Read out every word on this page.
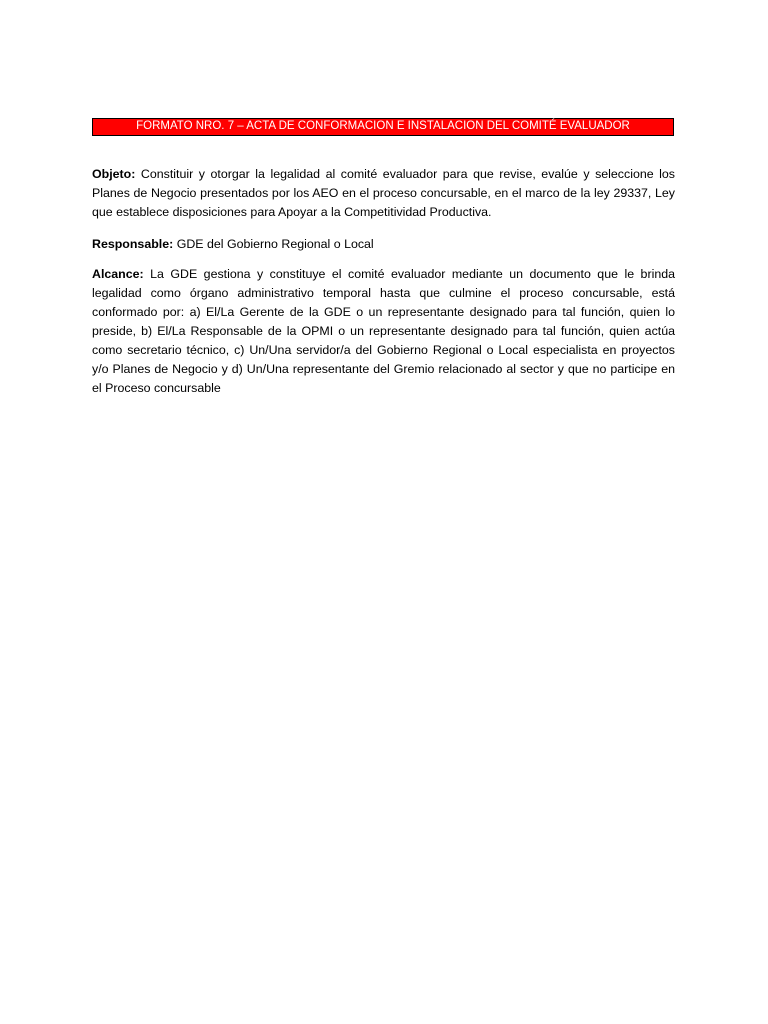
FORMATO NRO. 7 – ACTA DE CONFORMACION E INSTALACION DEL COMITÉ EVALUADOR

Objeto: Constituir y otorgar la legalidad al comité evaluador para que revise, evalúe y seleccione los Planes de Negocio presentados por los AEO en el proceso concursable, en el marco de la ley 29337, Ley que establece disposiciones para Apoyar a la Competitividad Productiva.

Responsable: GDE del Gobierno Regional o Local

Alcance: La GDE gestiona y constituye el comité evaluador mediante un documento que le brinda legalidad como órgano administrativo temporal hasta que culmine el proceso concursable, está conformado por: a) El/La Gerente de la GDE o un representante designado para tal función, quien lo preside, b) El/La Responsable de la OPMI o un representante designado para tal función, quien actúa como secretario técnico, c) Un/Una servidor/a del Gobierno Regional o Local especialista en proyectos y/o Planes de Negocio y d) Un/Una representante del Gremio relacionado al sector y que no participe en el Proceso concursable
